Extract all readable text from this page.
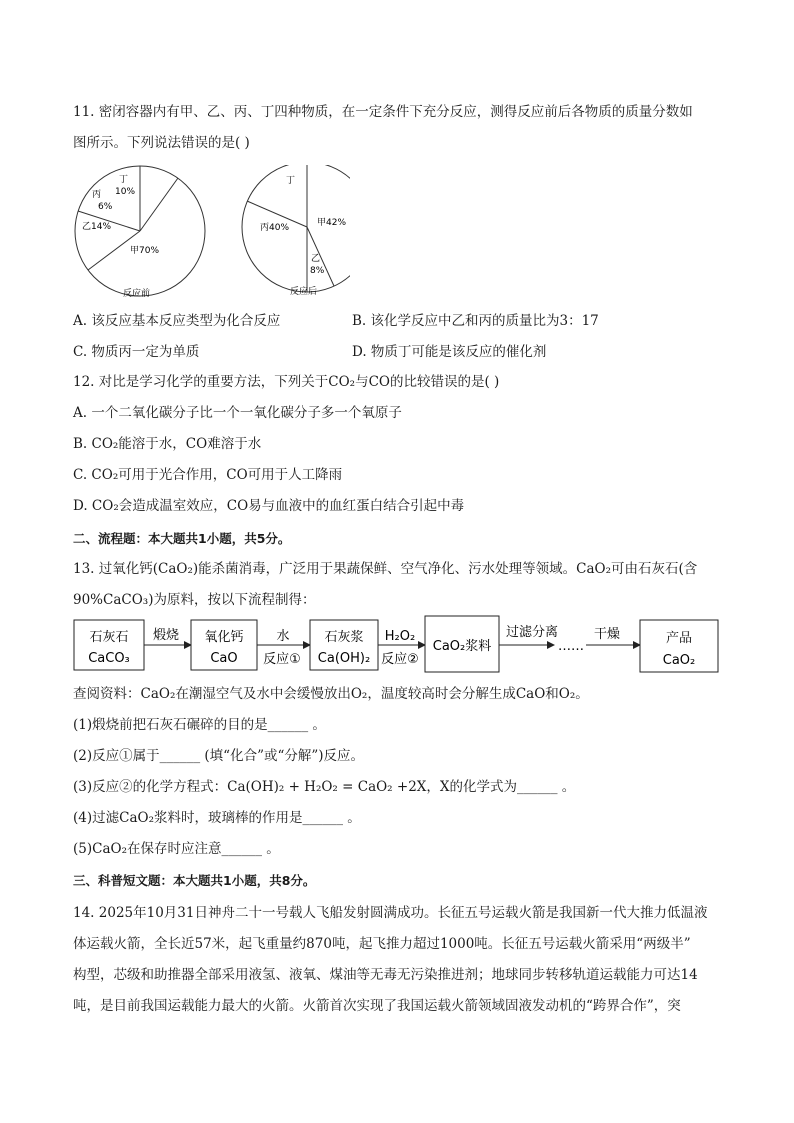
11. 密闭容器内有甲、乙、丙、丁四种物质，在一定条件下充分反应，测得反应前后各物质的质量分数如
图所示。下列说法错误的是( )
丁
10%
丙
6%
乙14%
甲70%
反应前
丁
丙40%	甲42%
乙
8%
反应后
A. 该反应基本反应类型为化合反应	B. 该化学反应中乙和丙的质量比为3：17
C. 物质丙一定为单质	D. 物质丁可能是该反应的催化剂
12. 对比是学习化学的重要方法，下列关于CO₂与CO的比较错误的是( )
A. 一个二氧化碳分子比一个一氧化碳分子多一个氧原子
B. CO₂能溶于水，CO难溶于水
C. CO₂可用于光合作用，CO可用于人工降雨
D. CO₂会造成温室效应，CO易与血液中的血红蛋白结合引起中毒
二、流程题：本大题共1小题，共5分。
13. 过氧化钙(CaO₂)能杀菌消毒，广泛用于果蔬保鲜、空气净化、污水处理等领域。CaO₂可由石灰石(含
90%CaCO₃)为原料，按以下流程制得：
石灰石
CaCO₃
煅烧 氧化钙
CaO
水
反应①
石灰浆
Ca(OH)₂
H₂O₂
反应②
CaO₂浆料
过滤分离
……
干燥	产品
CaO₂
查阅资料：CaO₂在潮湿空气及水中会缓慢放出O₂，温度较高时会分解生成CaO和O₂。
(1)煅烧前把石灰石碾碎的目的是______ 。
(2)反应①属于______ (填“化合”或“分解”)反应。
(3)反应②的化学方程式：Ca(OH)₂ + H₂O₂ = CaO₂ +2X，X的化学式为______ 。
(4)过滤CaO₂浆料时，玻璃棒的作用是______ 。
(5)CaO₂在保存时应注意______ 。
三、科普短文题：本大题共1小题，共8分。
14. 2025年10月31日神舟二十一号载人飞船发射圆满成功。长征五号运载火箭是我国新一代大推力低温液
体运载火箭，全长近57米，起飞重量约870吨，起飞推力超过1000吨。长征五号运载火箭采用“两级半”
构型，芯级和助推器全部采用液氢、液氧、煤油等无毒无污染推进剂；地球同步转移轨道运载能力可达14
吨，是目前我国运载能力最大的火箭。火箭首次实现了我国运载火箭领域固液发动机的“跨界合作”，突
